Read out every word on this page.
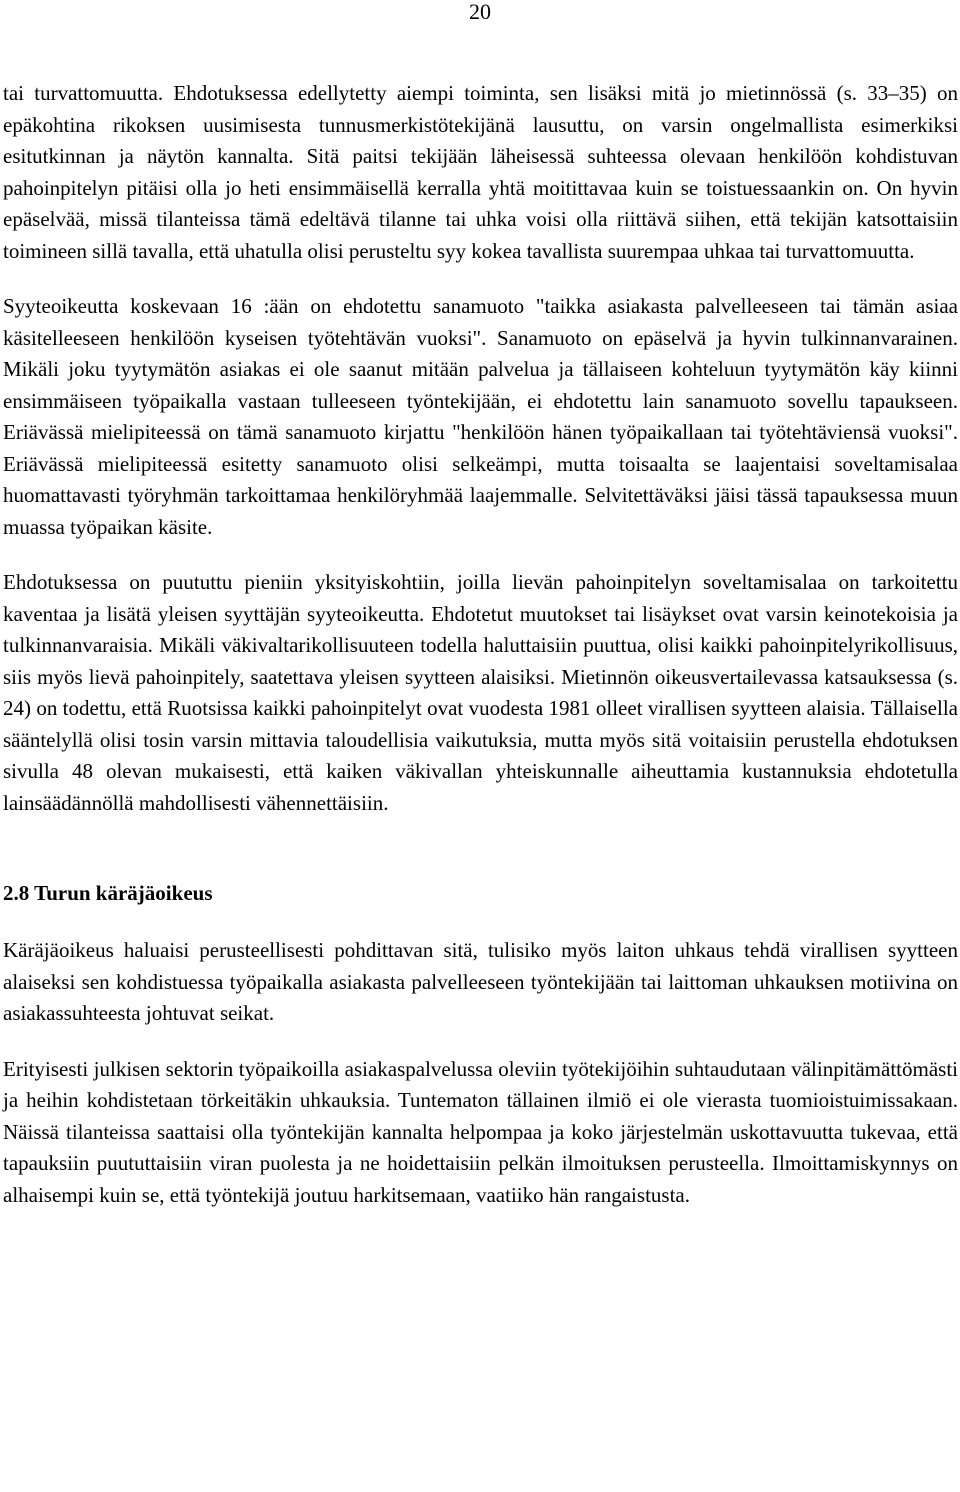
20

tai turvattomuutta. Ehdotuksessa edellytetty aiempi toiminta, sen lisäksi mitä jo mietinnössä (s. 33–35) on epäkohtina rikoksen uusimisesta tunnusmerkistötekijänä lausuttu, on varsin ongelmallista esimerkiksi esitutkinnan ja näytön kannalta. Sitä paitsi tekijään läheisessä suhteessa olevaan henkilöön kohdistuvan pahoinpitelyn pitäisi olla jo heti ensimmäisellä kerralla yhtä moitittavaa kuin se toistuessaankin on. On hyvin epäselvää, missä tilanteissa tämä edeltävä tilanne tai uhka voisi olla riittävä siihen, että tekijän katsottaisiin toimineen sillä tavalla, että uhatulla olisi perusteltu syy kokea tavallista suurempaa uhkaa tai turvattomuutta.

Syyteoikeutta koskevaan 16 :ään on ehdotettu sanamuoto "taikka asiakasta palvelleeseen tai tämän asiaa käsitelleeseen henkilöön kyseisen työtehtävän vuoksi". Sanamuoto on epäselvä ja hyvin tulkinnanvarainen. Mikäli joku tyytymätön asiakas ei ole saanut mitään palvelua ja tällaiseen kohteluun tyytymätön käy kiinni ensimmäiseen työpaikalla vastaan tulleeseen työntekijään, ei ehdotettu lain sanamuoto sovellu tapaukseen. Eriävässä mielipiteessä on tämä sanamuoto kirjattu "henkilöön hänen työpaikallaan tai työtehtäviensä vuoksi". Eriävässä mielipiteessä esitetty sanamuoto olisi selkeämpi, mutta toisaalta se laajentaisi soveltamisalaa huomattavasti työryhmän tarkoittamaa henkilöryhmää laajemmalle. Selvitettäväksi jäisi tässä tapauksessa muun muassa työpaikan käsite.

Ehdotuksessa on puututtu pieniin yksityiskohtiin, joilla lievän pahoinpitelyn soveltamisalaa on tarkoitettu kaventaa ja lisätä yleisen syyttäjän syyteoikeutta. Ehdotetut muutokset tai lisäykset ovat varsin keinotekoisia ja tulkinnanvaraisia. Mikäli väkivaltarikollisuuteen todella haluttaisiin puuttua, olisi kaikki pahoinpitelyrikollisuus, siis myös lievä pahoinpitely, saatettava yleisen syytteen alaisiksi. Mietinnön oikeusvertailevassa katsauksessa (s. 24) on todettu, että Ruotsissa kaikki pahoinpitelyt ovat vuodesta 1981 olleet virallisen syytteen alaisia. Tällaisella sääntelyllä olisi tosin varsin mittavia taloudellisia vaikutuksia, mutta myös sitä voitaisiin perustella ehdotuksen sivulla 48 olevan mukaisesti, että kaiken väkivallan yhteiskunnalle aiheuttamia kustannuksia ehdotetulla lainsäädännöllä mahdollisesti vähennettäisiin.

2.8 Turun käräjäoikeus

Käräjäoikeus haluaisi perusteellisesti pohdittavan sitä, tulisiko myös laiton uhkaus tehdä virallisen syytteen alaiseksi sen kohdistuessa työpaikalla asiakasta palvelleeseen työntekijään tai laittoman uhkauksen motiivina on asiakassuhteesta johtuvat seikat.

Erityisesti julkisen sektorin työpaikoilla asiakaspalvelussa oleviin työtekijöihin suhtaudutaan välinpitämättömästi ja heihin kohdistetaan törkeitäkin uhkauksia. Tuntematon tällainen ilmiö ei ole vierasta tuomioistuimissakaan. Näissä tilanteissa saattaisi olla työntekijän kannalta helpompaa ja koko järjestelmän uskottavuutta tukevaa, että tapauksiin puututtaisiin viran puolesta ja ne hoidettaisiin pelkän ilmoituksen perusteella. Ilmoittamiskynnys on alhaisempi kuin se, että työntekijä joutuu harkitsemaan, vaatiiko hän rangaistusta.
